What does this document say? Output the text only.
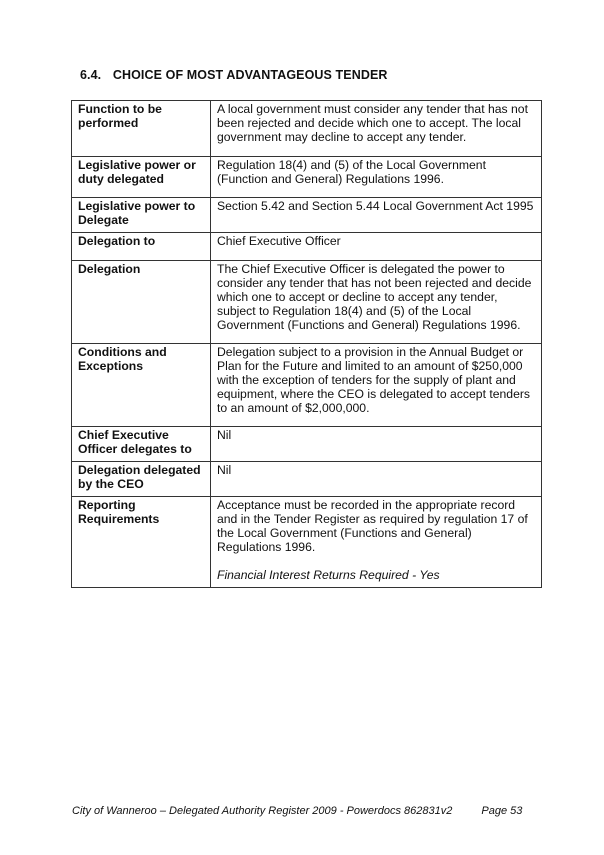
6.4. CHOICE OF MOST ADVANTAGEOUS TENDER
Function to be
performed	A local government must consider any tender that has not been rejected and decide which one to accept. The local government may decline to accept any tender.
Legislative power or duty delegated	Regulation 18(4) and (5) of the Local Government (Function and General) Regulations 1996.
Legislative power to Delegate	Section 5.42 and Section 5.44 Local Government Act 1995
Delegation to	Chief Executive Officer
Delegation	The Chief Executive Officer is delegated the power to consider any tender that has not been rejected and decide which one to accept or decline to accept any tender, subject to Regulation 18(4) and (5) of the Local Government (Functions and General) Regulations 1996.
Conditions and Exceptions	Delegation subject to a provision in the Annual Budget or Plan for the Future and limited to an amount of $250,000 with the exception of tenders for the supply of plant and equipment, where the CEO is delegated to accept tenders to an amount of $2,000,000.
Chief Executive Officer delegates to	Nil
Delegation delegated by the CEO	Nil
Reporting Requirements	Acceptance must be recorded in the appropriate record and in the Tender Register as required by regulation 17 of the Local Government (Functions and General) Regulations 1996.
Financial Interest Returns Required - Yes
City of Wanneroo – Delegated Authority Register 2009 - Powerdocs 862831v2	Page 53
